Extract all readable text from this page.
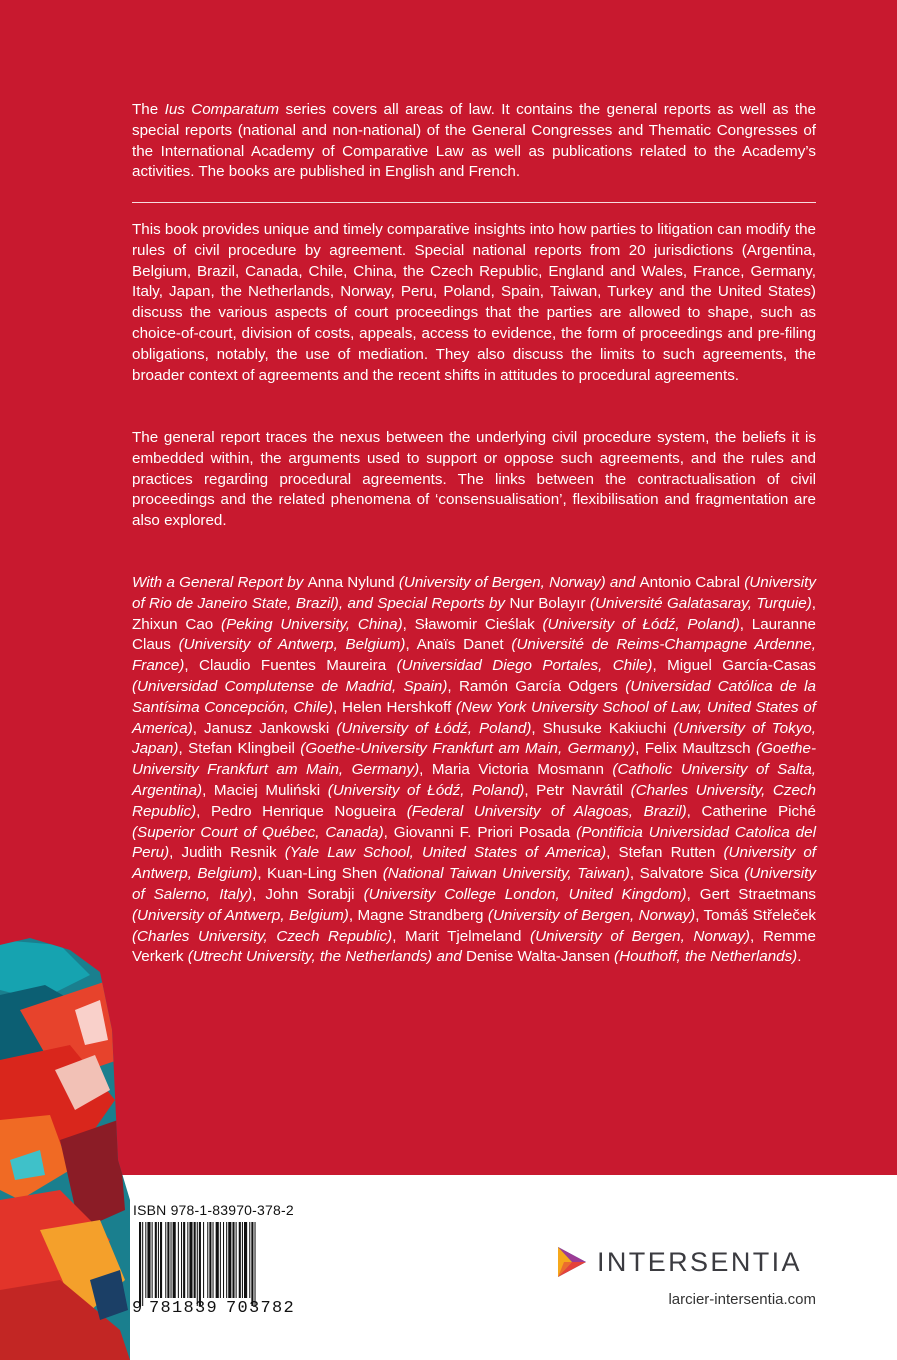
The Ius Comparatum series covers all areas of law. It contains the general reports as well as the special reports (national and non-national) of the General Congresses and Thematic Congresses of the International Academy of Comparative Law as well as publications related to the Academy’s activities. The books are published in English and French.

This book provides unique and timely comparative insights into how parties to litigation can modify the rules of civil procedure by agreement. Special national reports from 20 jurisdictions (Argentina, Belgium, Brazil, Canada, Chile, China, the Czech Republic, England and Wales, France, Germany, Italy, Japan, the Netherlands, Norway, Peru, Poland, Spain, Taiwan, Turkey and the United States) discuss the various aspects of court proceedings that the parties are allowed to shape, such as choice-of-court, division of costs, appeals, access to evidence, the form of proceedings and pre-filing obligations, notably, the use of mediation. They also discuss the limits to such agreements, the broader context of agreements and the recent shifts in attitudes to procedural agreements.

The general report traces the nexus between the underlying civil procedure system, the beliefs it is embedded within, the arguments used to support or oppose such agreements, and the rules and practices regarding procedural agreements. The links between the contractualisation of civil proceedings and the related phenomena of ‘consensualisation’, flexibilisation and fragmentation are also explored.

With a General Report by Anna Nylund (University of Bergen, Norway) and Antonio Cabral (University of Rio de Janeiro State, Brazil), and Special Reports by Nur Bolayır (Université Galatasaray, Turquie), Zhixun Cao (Peking University, China), Sławomir Cieślak (University of Łódź, Poland), Lauranne Claus (University of Antwerp, Belgium), Anaïs Danet (Université de Reims-Champagne Ardenne, France), Claudio Fuentes Maureira (Universidad Diego Portales, Chile), Miguel García-Casas (Universidad Complutense de Madrid, Spain), Ramón García Odgers (Universidad Católica de la Santísima Concepción, Chile), Helen Hershkoff (New York University School of Law, United States of America), Janusz Jankowski (University of Łódź, Poland), Shusuke Kakiuchi (University of Tokyo, Japan), Stefan Klingbeil (Goethe-University Frankfurt am Main, Germany), Felix Maultzsch (Goethe-University Frankfurt am Main, Germany), Maria Victoria Mosmann (Catholic University of Salta, Argentina), Maciej Muliński (University of Łódź, Poland), Petr Navrátil (Charles University, Czech Republic), Pedro Henrique Nogueira (Federal University of Alagoas, Brazil), Catherine Piché (Superior Court of Québec, Canada), Giovanni F. Priori Posada (Pontificia Universidad Catolica del Peru), Judith Resnik (Yale Law School, United States of America), Stefan Rutten (University of Antwerp, Belgium), Kuan-Ling Shen (National Taiwan University, Taiwan), Salvatore Sica (University of Salerno, Italy), John Sorabji (University College London, United Kingdom), Gert Straetmans (University of Antwerp, Belgium), Magne Strandberg (University of Bergen, Norway), Tomáš Střeleček (Charles University, Czech Republic), Marit Tjelmeland (University of Bergen, Norway), Remme Verkerk (Utrecht University, the Netherlands) and Denise Walta-Jansen (Houthoff, the Netherlands).

ISBN 978-1-83970-378-2
9 781839 703782
INTERSENTIA
larcier-intersentia.com
